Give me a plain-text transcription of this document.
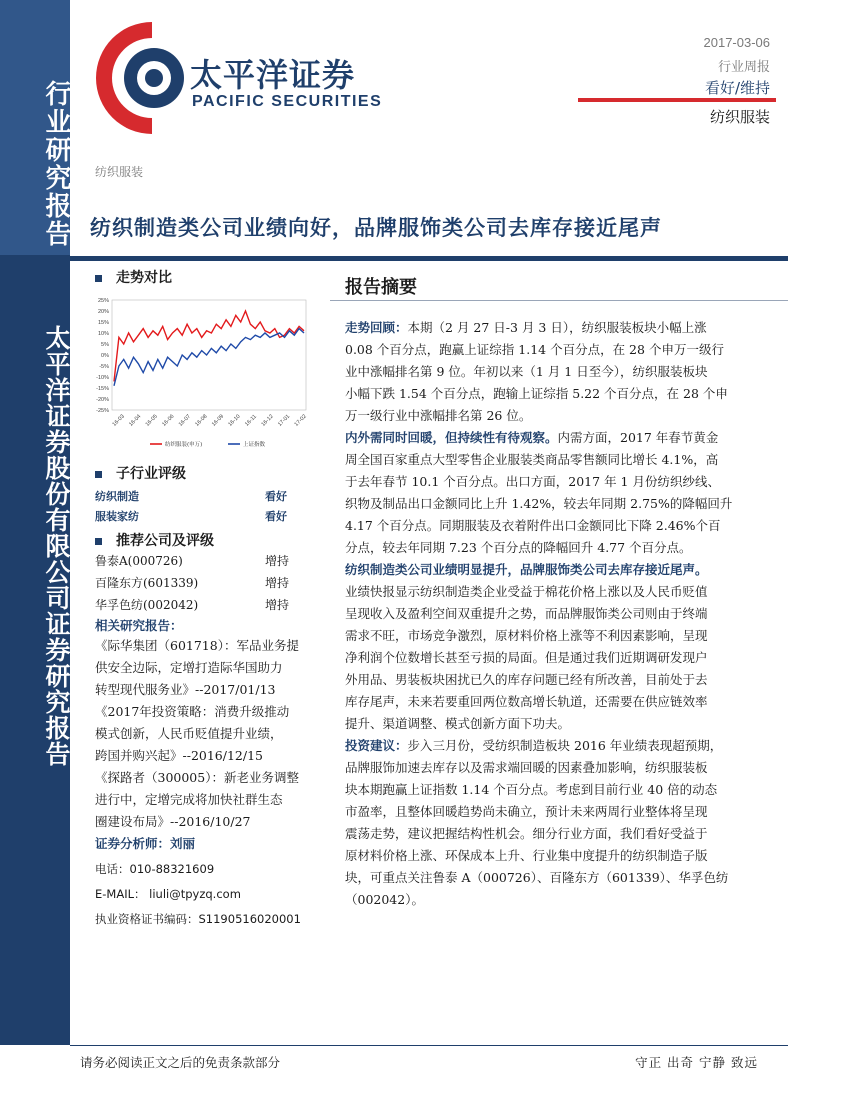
行业研究报告
太平洋证券股份有限公司证券研究报告
太平洋证券
PACIFIC SECURITIES
2017-03-06
行业周报
看好/维持
纺织服装
纺织服装
纺织制造类公司业绩向好，品牌服饰类公司去库存接近尾声
走势对比
25%
20%
15%
10%
5%
0%
-5%
-10%
-15%
-20%
-25%
16-03 16-04 16-05 16-06 16-07 16-08 16-09 16-10 16-11 16-12 17-01 17-02
纺织服装(申万)	上证指数
子行业评级
纺织制造	看好
服装家纺	看好
推荐公司及评级
鲁泰A(000726)	增持
百隆东方(601339)	增持
华孚色纺(002042)	增持
相关研究报告：
《际华集团（601718）：军品业务提
供安全边际，定增打造际华国助力
转型现代服务业》--2017/01/13
《2017年投资策略：消费升级推动
模式创新，人民币贬值提升业绩，
跨国并购兴起》--2016/12/15
《探路者（300005）：新老业务调整
进行中，定增完成将加快社群生态
圈建设布局》--2016/10/27
证券分析师：刘丽
电话：010-88321609
E-MAIL： liuli@tpyzq.com
执业资格证书编码：S1190516020001
报告摘要
走势回顾：本期（2 月 27 日-3 月 3 日），纺织服装板块小幅上涨
0.08 个百分点，跑赢上证综指 1.14 个百分点，在 28 个申万一级行
业中涨幅排名第 9 位。年初以来（1 月 1 日至今），纺织服装板块
小幅下跌 1.54 个百分点，跑输上证综指 5.22 个百分点，在 28 个申
万一级行业中涨幅排名第 26 位。
内外需同时回暖，但持续性有待观察。内需方面，2017 年春节黄金
周全国百家重点大型零售企业服装类商品零售额同比增长 4.1%，高
于去年春节 10.1 个百分点。出口方面，2017 年 1 月份纺织纱线、
织物及制品出口金额同比上升 1.42%，较去年同期 2.75%的降幅回升
4.17 个百分点。同期服装及衣着附件出口金额同比下降 2.46%个百
分点，较去年同期 7.23 个百分点的降幅回升 4.77 个百分点。
纺织制造类公司业绩明显提升，品牌服饰类公司去库存接近尾声。
业绩快报显示纺织制造类企业受益于棉花价格上涨以及人民币贬值
呈现收入及盈利空间双重提升之势，而品牌服饰类公司则由于终端
需求不旺，市场竞争激烈，原材料价格上涨等不利因素影响，呈现
净利润个位数增长甚至亏损的局面。但是通过我们近期调研发现户
外用品、男装板块困扰已久的库存问题已经有所改善，目前处于去
库存尾声，未来若要重回两位数高增长轨道，还需要在供应链效率
提升、渠道调整、模式创新方面下功夫。
投资建议：步入三月份，受纺织制造板块 2016 年业绩表现超预期，
品牌服饰加速去库存以及需求端回暖的因素叠加影响，纺织服装板
块本期跑赢上证指数 1.14 个百分点。考虑到目前行业 40 倍的动态
市盈率，且整体回暖趋势尚未确立，预计未来两周行业整体将呈现
震荡走势，建议把握结构性机会。细分行业方面，我们看好受益于
原材料价格上涨、环保成本上升、行业集中度提升的纺织制造子版
块，可重点关注鲁泰 A（000726）、百隆东方（601339）、华孚色纺
（002042）。
请务必阅读正文之后的免责条款部分	守正 出奇 宁静 致远
